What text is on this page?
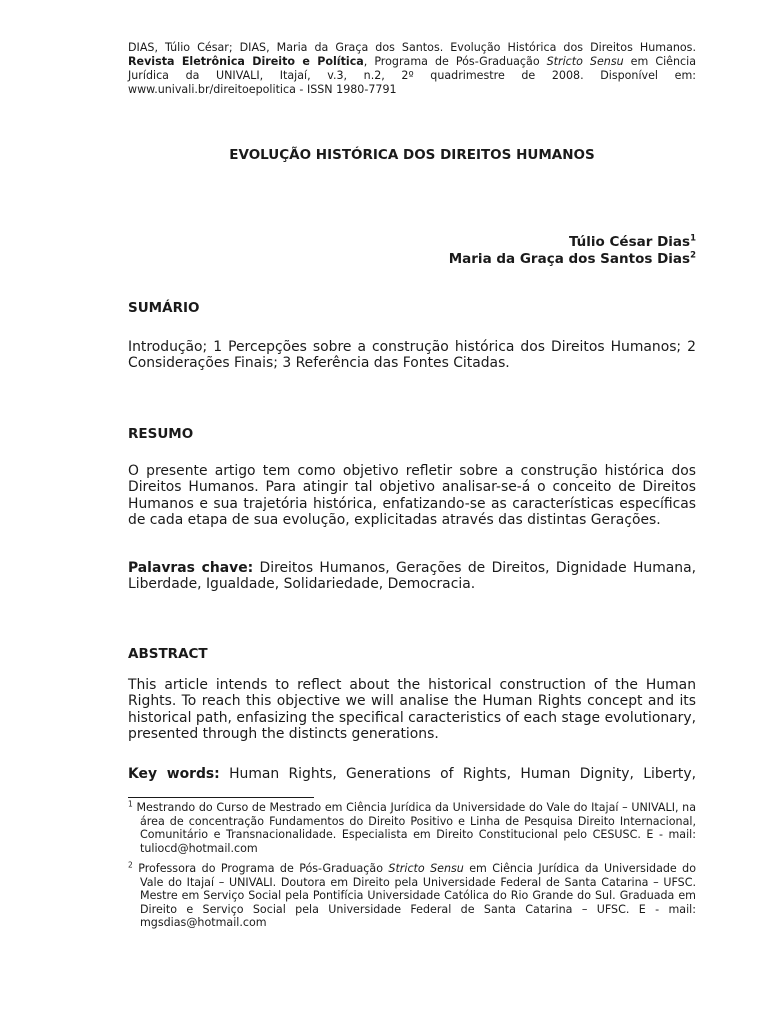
DIAS, Túlio César; DIAS, Maria da Graça dos Santos. Evolução Histórica dos Direitos Humanos. Revista Eletrônica Direito e Política, Programa de Pós-Graduação Stricto Sensu em Ciência Jurídica da UNIVALI, Itajaí, v.3, n.2, 2º quadrimestre de 2008. Disponível em: www.univali.br/direitoepolitica - ISSN 1980-7791
EVOLUÇÃO HISTÓRICA DOS DIREITOS HUMANOS
Túlio César Dias$^1$
Maria da Graça dos Santos Dias$^2$
SUMÁRIO
Introdução; 1 Percepções sobre a construção histórica dos Direitos Humanos; 2 Considerações Finais; 3 Referência das Fontes Citadas.
RESUMO
O presente artigo tem como objetivo refletir sobre a construção histórica dos Direitos Humanos. Para atingir tal objetivo analisar-se-á o conceito de Direitos Humanos e sua trajetória histórica, enfatizando-se as características específicas de cada etapa de sua evolução, explicitadas através das distintas Gerações.
Palavras chave: Direitos Humanos, Gerações de Direitos, Dignidade Humana, Liberdade, Igualdade, Solidariedade, Democracia.
ABSTRACT
This article intends to reflect about the historical construction of the Human Rights. To reach this objective we will analise the Human Rights concept and its historical path, enfasizing the specifical caracteristics of each stage evolutionary, presented through the distincts generations.
Key words: Human Rights, Generations of Rights, Human Dignity, Liberty,
$^1$ Mestrando do Curso de Mestrado em Ciência Jurídica da Universidade do Vale do Itajaí – UNIVALI, na área de concentração Fundamentos do Direito Positivo e Linha de Pesquisa Direito Internacional, Comunitário e Transnacionalidade. Especialista em Direito Constitucional pelo CESUSC. E - mail: tuliocd@hotmail.com
$^2$ Professora do Programa de Pós-Graduação Stricto Sensu em Ciência Jurídica da Universidade do Vale do Itajaí – UNIVALI. Doutora em Direito pela Universidade Federal de Santa Catarina – UFSC. Mestre em Serviço Social pela Pontifícia Universidade Católica do Rio Grande do Sul. Graduada em Direito e Serviço Social pela Universidade Federal de Santa Catarina – UFSC. E - mail: mgsdias@hotmail.com
